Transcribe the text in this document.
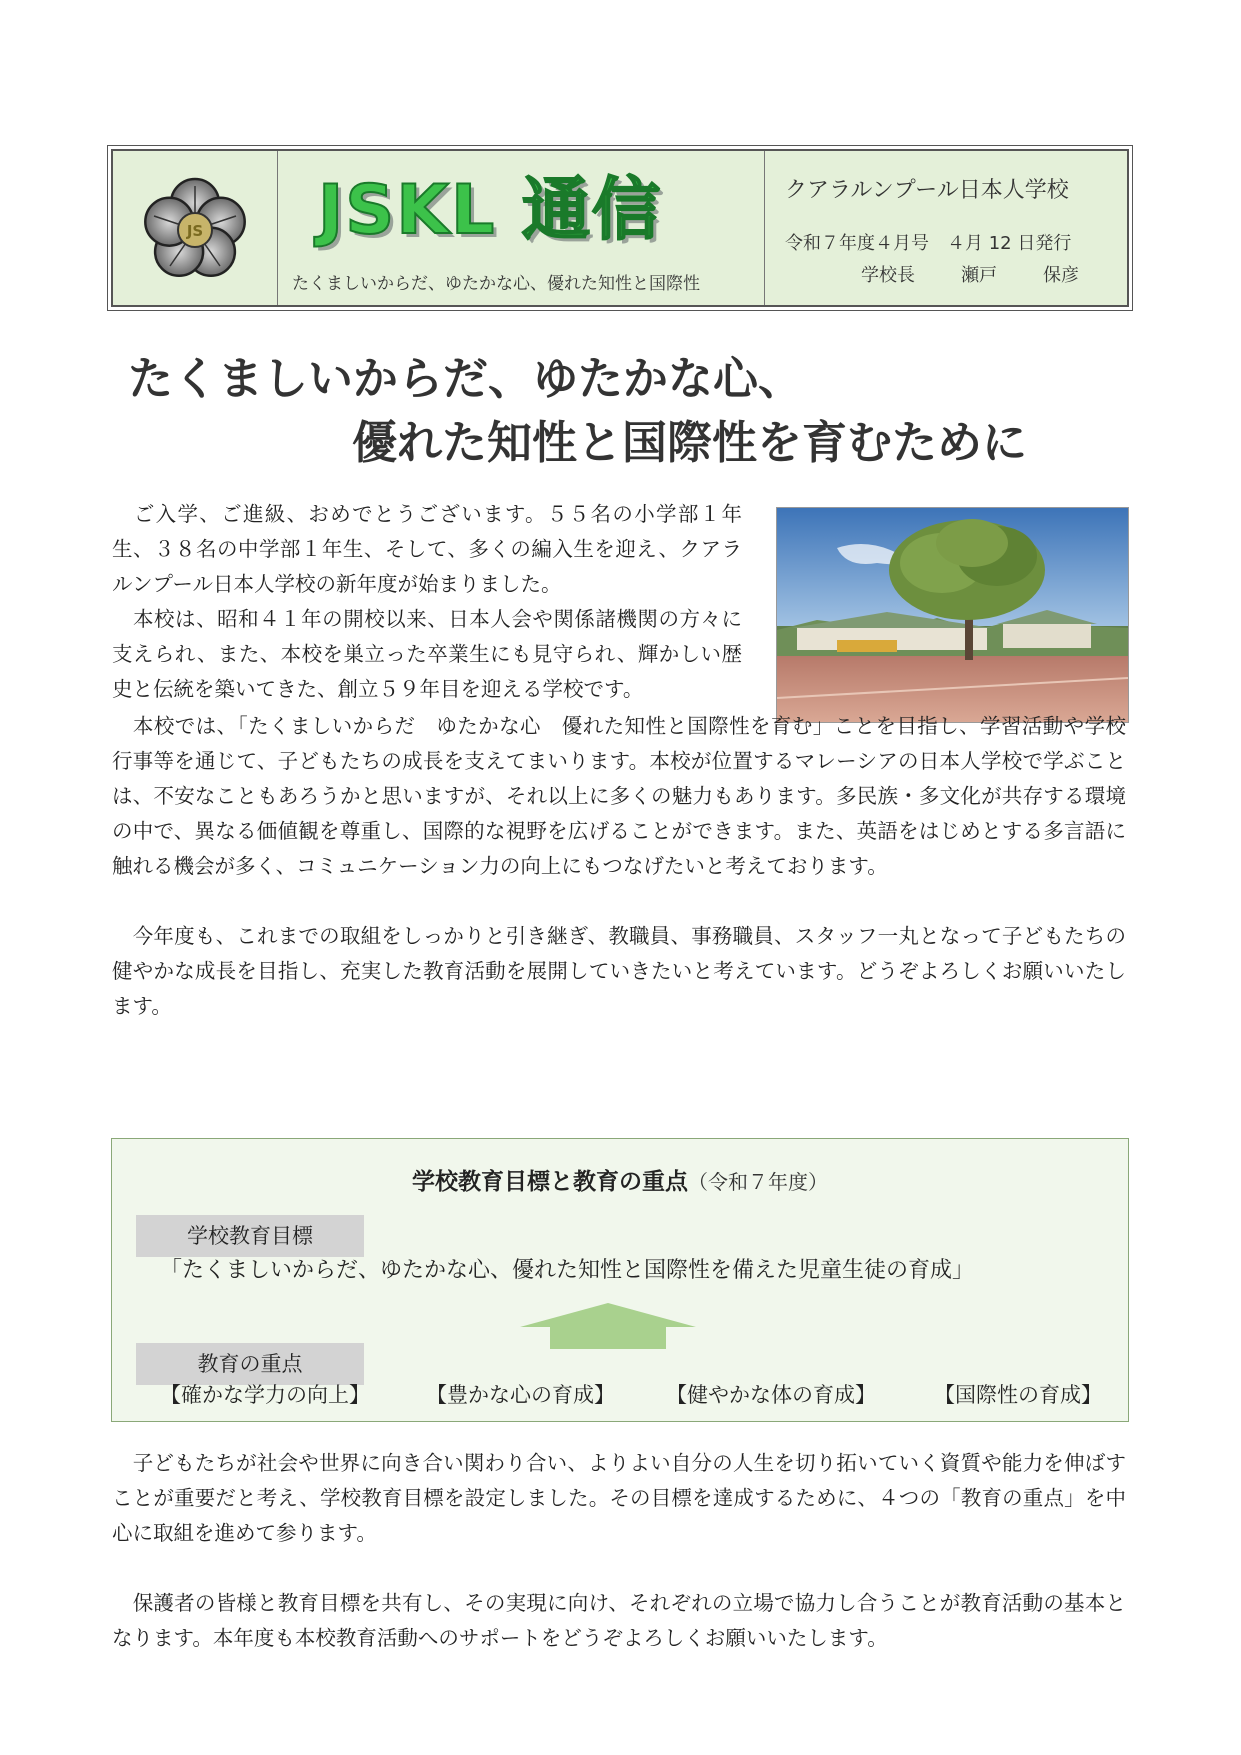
JS JSKL 通信
たくましいからだ、ゆたかな心、優れた知性と国際性
クアラルンプール日本人学校
令和７年度４月号　４月 12 日発行
学校長	瀬戸	保彦
たくましいからだ、ゆたかな心、
優れた知性と国際性を育むために

　ご入学、ご進級、おめでとうございます。５５名の小学部１年生、３８名の中学部１年生、そして、多くの編入生を迎え、クアラルンプール日本人学校の新年度が始まりました。

　本校は、昭和４１年の開校以来、日本人会や関係諸機関の方々に支えられ、また、本校を巣立った卒業生にも見守られ、輝かしい歴史と伝統を築いてきた、創立５９年目を迎える学校です。

　本校では、「たくましいからだ　ゆたかな心　優れた知性と国際性を育む」ことを目指し、学習活動や学校行事等を通じて、子どもたちの成長を支えてまいります。本校が位置するマレーシアの日本人学校で学ぶことは、不安なこともあろうかと思いますが、それ以上に多くの魅力もあります。多民族・多文化が共存する環境の中で、異なる価値観を尊重し、国際的な視野を広げることができます。また、英語をはじめとする多言語に触れる機会が多く、コミュニケーション力の向上にもつなげたいと考えております。

　今年度も、これまでの取組をしっかりと引き継ぎ、教職員、事務職員、スタッフ一丸となって子どもたちの健やかな成長を目指し、充実した教育活動を展開していきたいと考えています。どうぞよろしくお願いいたします。

学校教育目標と教育の重点（令和７年度）
学校教育目標
「たくましいからだ、ゆたかな心、優れた知性と国際性を備えた児童生徒の育成」
教育の重点
【確かな学力の向上】	【豊かな心の育成】 【健やかな体の育成】	【国際性の育成】

　子どもたちが社会や世界に向き合い関わり合い、よりよい自分の人生を切り拓いていく資質や能力を伸ばすことが重要だと考え、学校教育目標を設定しました。その目標を達成するために、４つの「教育の重点」を中心に取組を進めて参ります。

　保護者の皆様と教育目標を共有し、その実現に向け、それぞれの立場で協力し合うことが教育活動の基本となります。本年度も本校教育活動へのサポートをどうぞよろしくお願いいたします。
